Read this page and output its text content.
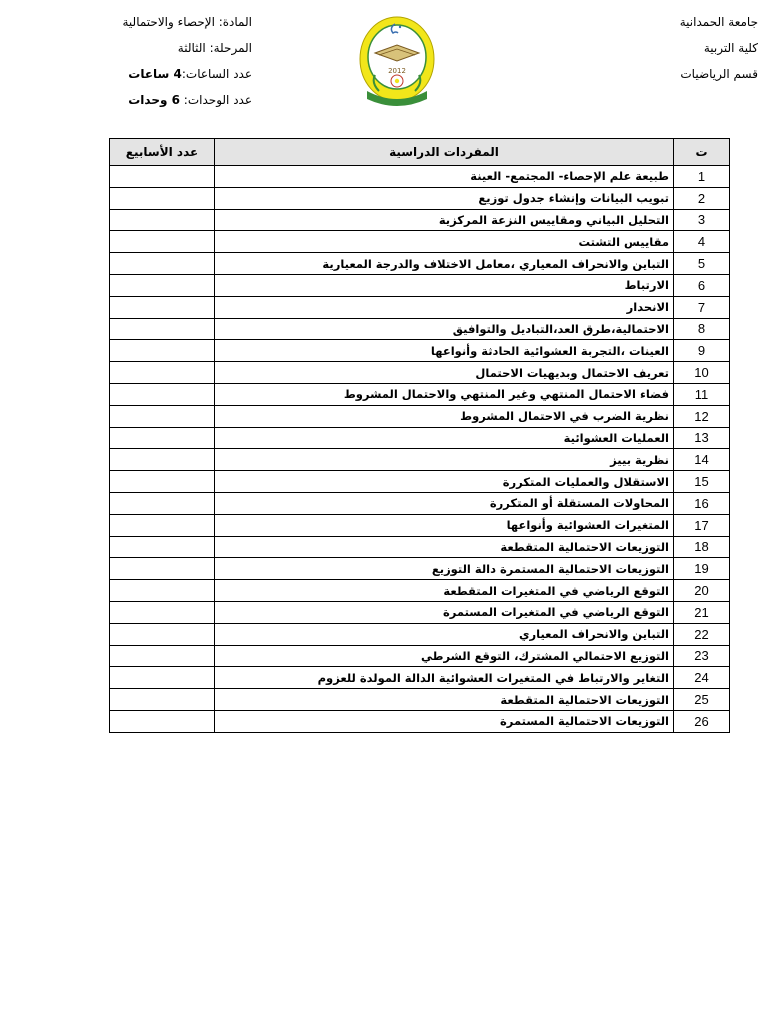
جامعة الحمدانية
كلية التربية
قسم الرياضيات
2012
المادة: الإحصاء والاحتمالية
المرحلة: الثالثة
عدد الساعات:4 ساعات
عدد الوحدات: 6 وحدات
ت	المفردات الدراسية	عدد الأسابيع
1	طبيعة علم الإحصاء- المجتمع- العينة	
2	تبويب البيانات وإنشاء جدول توزيع	
3	التحليل البياني ومقاييس النزعة المركزية	
4	مقاييس التشتت	
5	التباين والانحراف المعياري ،معامل الاختلاف والدرجة المعيارية	
6	الارتباط	
7	الانحدار	
8	الاحتمالية،طرق العد،التباديل والتوافيق	
9	العينات ،التجربة العشوائية الحادثة وأنواعها	
10	تعريف الاحتمال وبديهيات الاحتمال	
11	فضاء الاحتمال المنتهي وغير المنتهي والاحتمال المشروط	
12	نظرية الضرب في الاحتمال المشروط	
13	العمليات العشوائية	
14	نظرية بييز	
15	الاستقلال والعمليات المتكررة	
16	المحاولات المستقلة أو المتكررة	
17	المتغيرات العشوائية وأنواعها	
18	التوزيعات الاحتمالية المتقطعة	
19	التوزيعات الاحتمالية المستمرة دالة التوزيع	
20	التوقع الرياضي في المتغيرات المتقطعة	
21	التوقع الرياضي في المتغيرات المستمرة	
22	التباين والانحراف المعياري	
23	التوزيع الاحتمالي المشترك، التوقع الشرطي	
24	التغاير والارتباط في المتغيرات العشوائية الدالة المولدة للعزوم	
25	التوزيعات الاحتمالية المتقطعة	
26	التوزيعات الاحتمالية المستمرة	
